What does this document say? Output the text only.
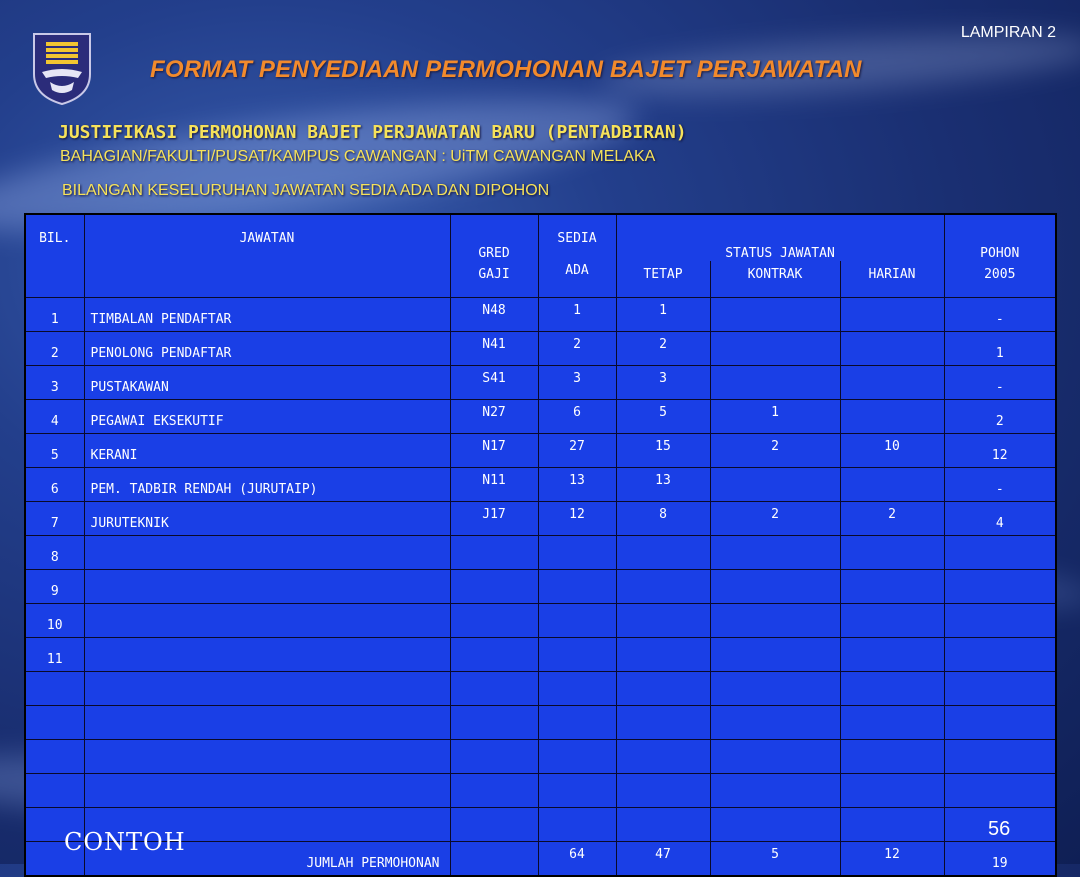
LAMPIRAN 2
FORMAT PENYEDIAAN PERMOHONAN BAJET PERJAWATAN
JUSTIFIKASI PERMOHONAN BAJET PERJAWATAN BARU (PENTADBIRAN)
BAHAGIAN/FAKULTI/PUSAT/KAMPUS CAWANGAN : UiTM CAWANGAN MELAKA
BILANGAN KESELURUHAN JAWATAN SEDIA ADA DAN DIPOHON
BIL.	JAWATAN	GRED	SEDIA	STATUS JAWATAN			POHON
		GAJI	ADA	TETAP	KONTRAK	HARIAN	2005
1	TIMBALAN PENDAFTAR	N48	1	1			-
2	PENOLONG PENDAFTAR	N41	2	2			1
3	PUSTAKAWAN	S41	3	3			-
4	PEGAWAI EKSEKUTIF	N27	6	5	1		2
5	KERANI	N17	27	15	2	10	12
6	PEM. TADBIR RENDAH (JURUTAIP)	N11	13	13			-
7	JURUTEKNIK	J17	12	8	2	2	4
8							
9							
10							
11							

	JUMLAH PERMOHONAN		64	47	5	12	19
CONTOH	56
